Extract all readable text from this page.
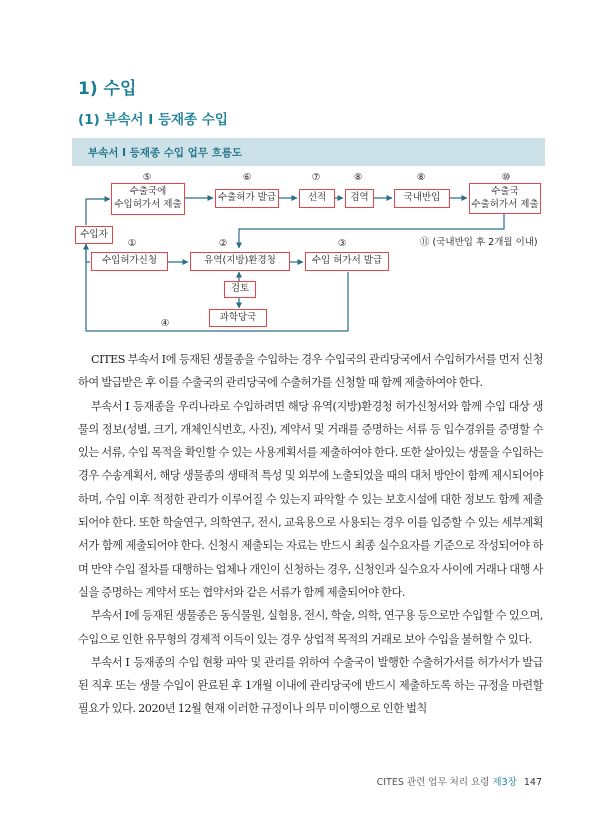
1) 수입
(1) 부속서 Ⅰ 등재종 수입
부속서 Ⅰ 등재종 수입 업무 흐름도
⑤	⑥	⑦	⑧	⑧	⑩
①	②	③
④
수출국에
수입허가서 제출
수출허가 발급	선적	검역	국내반입
수출국
수출허가서 제출
수입자
⑪ (국내반입 후 2개월 이내)
수입허가신청	유역(지방)환경청	수입 허가서 발급
검토
과학당국

CITES 부속서 Ⅰ에 등재된 생물종을 수입하는 경우 수입국의 관리당국에서 수입허가서를 먼저 신청하여 발급받은 후 이를 수출국의 관리당국에 수출허가를 신청할 때 함께 제출하여야 한다.

부속서 Ⅰ 등재종을 우리나라로 수입하려면 해당 유역(지방)환경청 허가신청서와 함께 수입 대상 생물의 정보(성별, 크기, 개체인식번호, 사진), 계약서 및 거래를 증명하는 서류 등 입수경위를 증명할 수 있는 서류, 수입 목적을 확인할 수 있는 사용계획서를 제출하여야 한다. 또한 살아있는 생물을 수입하는 경우 수송계획서, 해당 생물종의 생태적 특성 및 외부에 노출되었을 때의 대처 방안이 함께 제시되어야 하며, 수입 이후 적정한 관리가 이루어질 수 있는지 파악할 수 있는 보호시설에 대한 정보도 함께 제출되어야 한다. 또한 학술연구, 의학연구, 전시, 교육용으로 사용되는 경우 이를 입증할 수 있는 세부계획서가 함께 제출되어야 한다. 신청시 제출되는 자료는 반드시 최종 실수요자를 기준으로 작성되어야 하며 만약 수입 절차를 대행하는 업체나 개인이 신청하는 경우, 신청인과 실수요자 사이에 거래나 대행 사실을 증명하는 계약서 또는 협약서와 같은 서류가 함께 제출되어야 한다.

부속서 Ⅰ에 등재된 생물종은 동식물원, 실험용, 전시, 학술, 의학, 연구용 등으로만 수입할 수 있으며, 수입으로 인한 유무형의 경제적 이득이 있는 경우 상업적 목적의 거래로 보아 수입을 불허할 수 있다.

부속서 Ⅰ 등재종의 수입 현황 파악 및 관리를 위하여 수출국이 발행한 수출허가서를 허가서가 발급된 직후 또는 생물 수입이 완료된 후 1개월 이내에 관리당국에 반드시 제출하도록 하는 규정을 마련할 필요가 있다. 2020년 12월 현재 이러한 규정이나 의무 미이행으로 인한 벌칙

CITES 관련 업무 처리 요령 제3장 147
